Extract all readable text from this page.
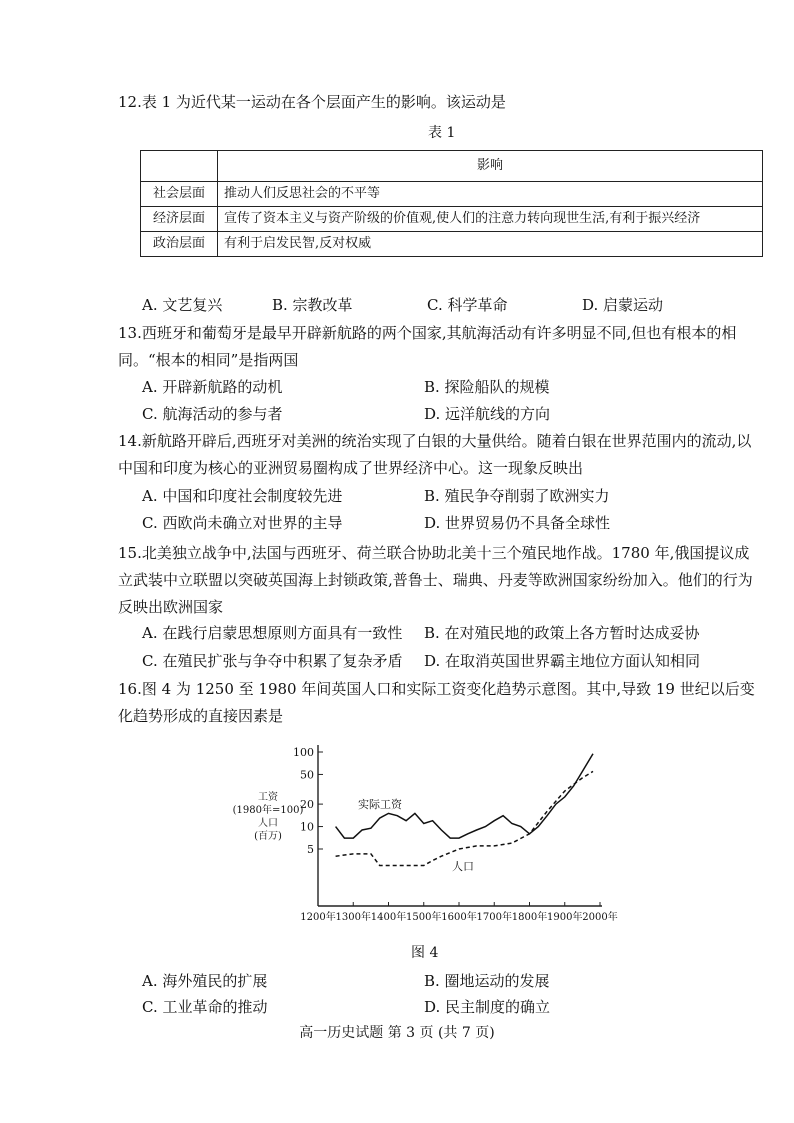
12.表 1 为近代某一运动在各个层面产生的影响。该运动是
表 1
	影响
社会层面	推动人们反思社会的不平等
经济层面	宣传了资本主义与资产阶级的价值观,使人们的注意力转向现世生活,有利于振兴经济
政治层面	有利于启发民智,反对权威
A. 文艺复兴	B. 宗教改革	C. 科学革命	D. 启蒙运动
13.西班牙和葡萄牙是最早开辟新航路的两个国家,其航海活动有许多明显不同,但也有根本的相同。“根本的相同”是指两国
A. 开辟新航路的动机	B. 探险船队的规模
C. 航海活动的参与者	D. 远洋航线的方向
14.新航路开辟后,西班牙对美洲的统治实现了白银的大量供给。随着白银在世界范围内的流动,以中国和印度为核心的亚洲贸易圈构成了世界经济中心。这一现象反映出
A. 中国和印度社会制度较先进	B. 殖民争夺削弱了欧洲实力
C. 西欧尚未确立对世界的主导	D. 世界贸易仍不具备全球性
15.北美独立战争中,法国与西班牙、荷兰联合协助北美十三个殖民地作战。1780 年,俄国提议成立武装中立联盟以突破英国海上封锁政策,普鲁士、瑞典、丹麦等欧洲国家纷纷加入。他们的行为反映出欧洲国家
A. 在践行启蒙思想原则方面具有一致性	B. 在对殖民地的政策上各方暂时达成妥协
C. 在殖民扩张与争夺中积累了复杂矛盾	D. 在取消英国世界霸主地位方面认知相同
16.图 4 为 1250 至 1980 年间英国人口和实际工资变化趋势示意图。其中,导致 19 世纪以后变化趋势形成的直接因素是
5
10
20
50
100
1200年 1300年 1400年 1500年 1600年 1700年 1800年 1900年 2000年
工资
(1980年=100)
人口
(百万)
实际工资
人口
图 4
A. 海外殖民的扩展	B. 圈地运动的发展
C. 工业革命的推动	D. 民主制度的确立
高一历史试题 第 3 页 (共 7 页)
